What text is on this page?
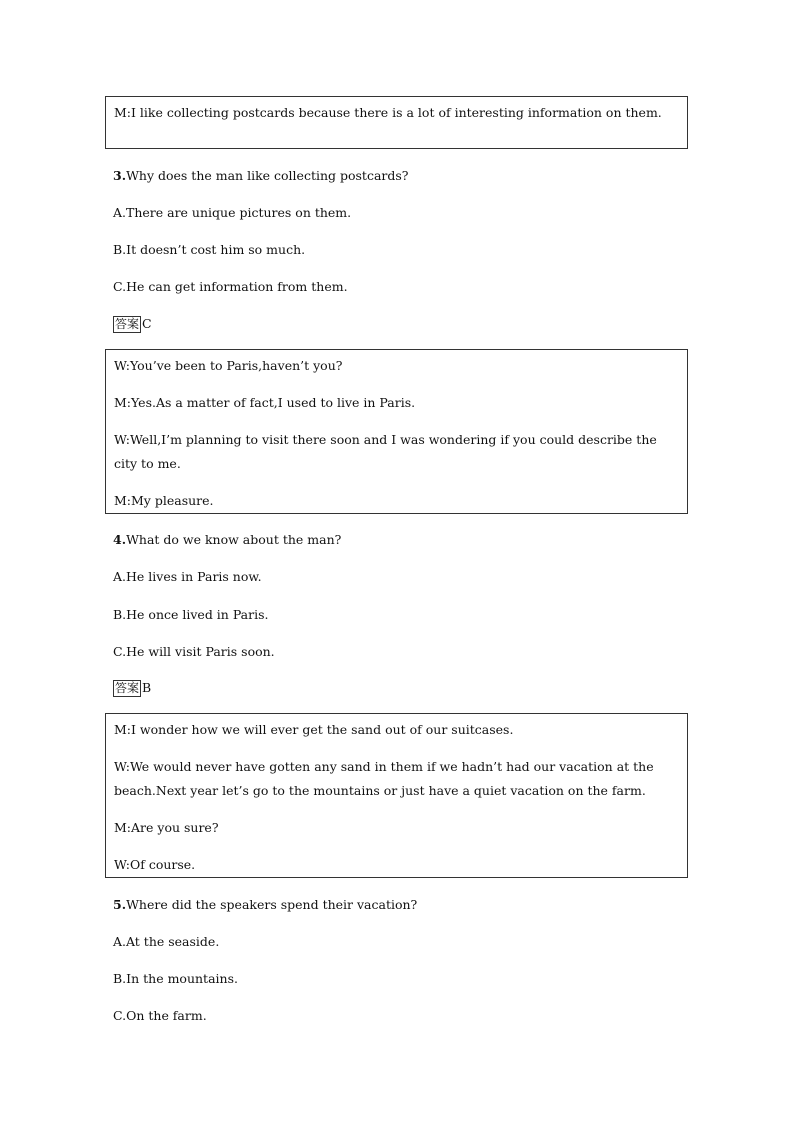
M:I like collecting postcards because there is a lot of interesting information on them.
3.Why does the man like collecting postcards?
A.There are unique pictures on them.
B.It doesn’t cost him so much.
C.He can get information from them.
答案 C
W:You’ve been to Paris,haven’t you?
M:Yes.As a matter of fact,I used to live in Paris.
W:Well,I’m planning to visit there soon and I was wondering if you could describe the city to me.
M:My pleasure.
4.What do we know about the man?
A.He lives in Paris now.
B.He once lived in Paris.
C.He will visit Paris soon.
答案 B
M:I wonder how we will ever get the sand out of our suitcases.
W:We would never have gotten any sand in them if we hadn’t had our vacation at the beach.Next year let’s go to the mountains or just have a quiet vacation on the farm.
M:Are you sure?
W:Of course.
5.Where did the speakers spend their vacation?
A.At the seaside.
B.In the mountains.
C.On the farm.
